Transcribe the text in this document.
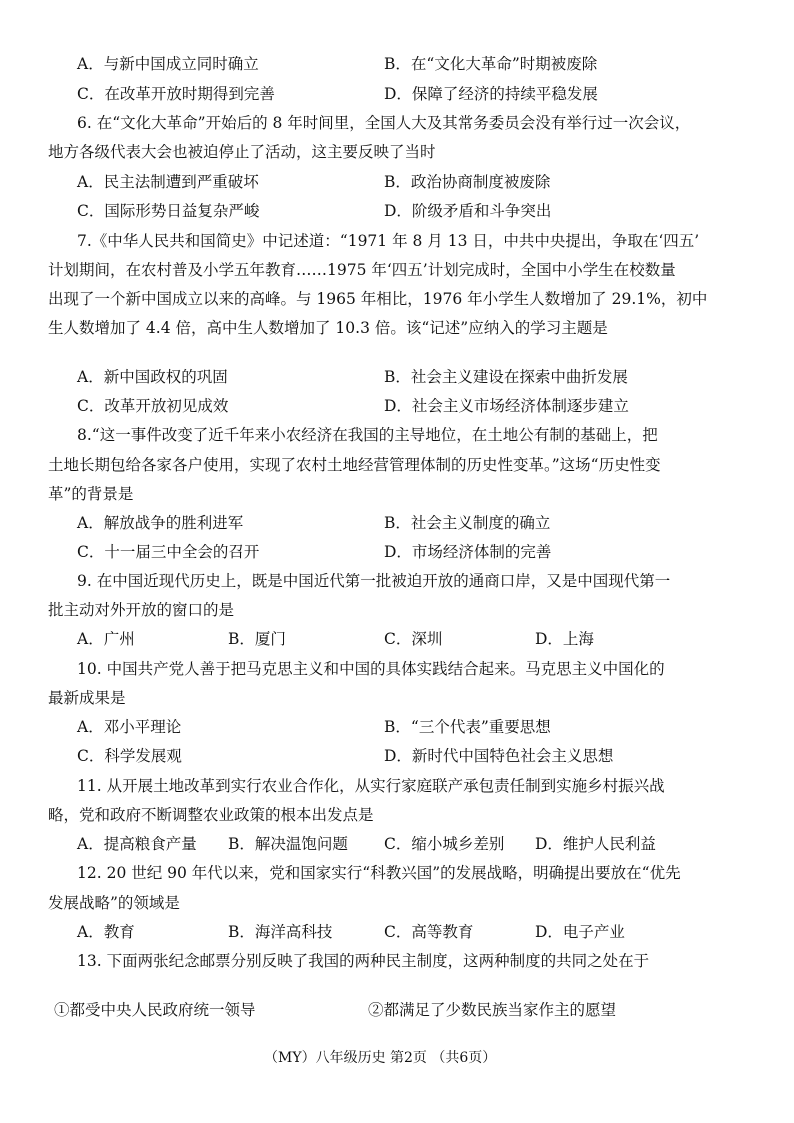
A．与新中国成立同时确立	B．在“文化大革命”时期被废除
C．在改革开放时期得到完善	D．保障了经济的持续平稳发展
6. 在“文化大革命”开始后的 8 年时间里，全国人大及其常务委员会没有举行过一次会议，
地方各级代表大会也被迫停止了活动，这主要反映了当时
A．民主法制遭到严重破坏	B．政治协商制度被废除
C．国际形势日益复杂严峻	D．阶级矛盾和斗争突出
7.《中华人民共和国简史》中记述道：“1971 年 8 月 13 日，中共中央提出，争取在‘四五’
计划期间，在农村普及小学五年教育……1975 年‘四五’计划完成时，全国中小学生在校数量
出现了一个新中国成立以来的高峰。与 1965 年相比，1976 年小学生人数增加了 29.1%，初中
生人数增加了 4.4 倍，高中生人数增加了 10.3 倍。该“记述”应纳入的学习主题是
A．新中国政权的巩固	B．社会主义建设在探索中曲折发展
C．改革开放初见成效	D．社会主义市场经济体制逐步建立
8.“这一事件改变了近千年来小农经济在我国的主导地位，在土地公有制的基础上，把
土地长期包给各家各户使用，实现了农村土地经营管理体制的历史性变革。”这场“历史性变
革”的背景是
A．解放战争的胜利进军	B．社会主义制度的确立
C．十一届三中全会的召开	D．市场经济体制的完善
9. 在中国近现代历史上，既是中国近代第一批被迫开放的通商口岸，又是中国现代第一
批主动对外开放的窗口的是
A．广州	B．厦门	C．深圳	D．上海
10. 中国共产党人善于把马克思主义和中国的具体实践结合起来。马克思主义中国化的
最新成果是
A．邓小平理论	B．“三个代表”重要思想
C．科学发展观	D．新时代中国特色社会主义思想
11. 从开展土地改革到实行农业合作化，从实行家庭联产承包责任制到实施乡村振兴战
略，党和政府不断调整农业政策的根本出发点是
A．提高粮食产量 B．解决温饱问题 C．缩小城乡差别 D．维护人民利益
12. 20 世纪 90 年代以来，党和国家实行“科教兴国”的发展战略，明确提出要放在“优先
发展战略”的领域是
A．教育	B．海洋高科技	C．高等教育	D．电子产业
13. 下面两张纪念邮票分别反映了我国的两种民主制度，这两种制度的共同之处在于
①都受中央人民政府统一领导	②都满足了少数民族当家作主的愿望
（MY）八年级历史 第2页 （共6页）
